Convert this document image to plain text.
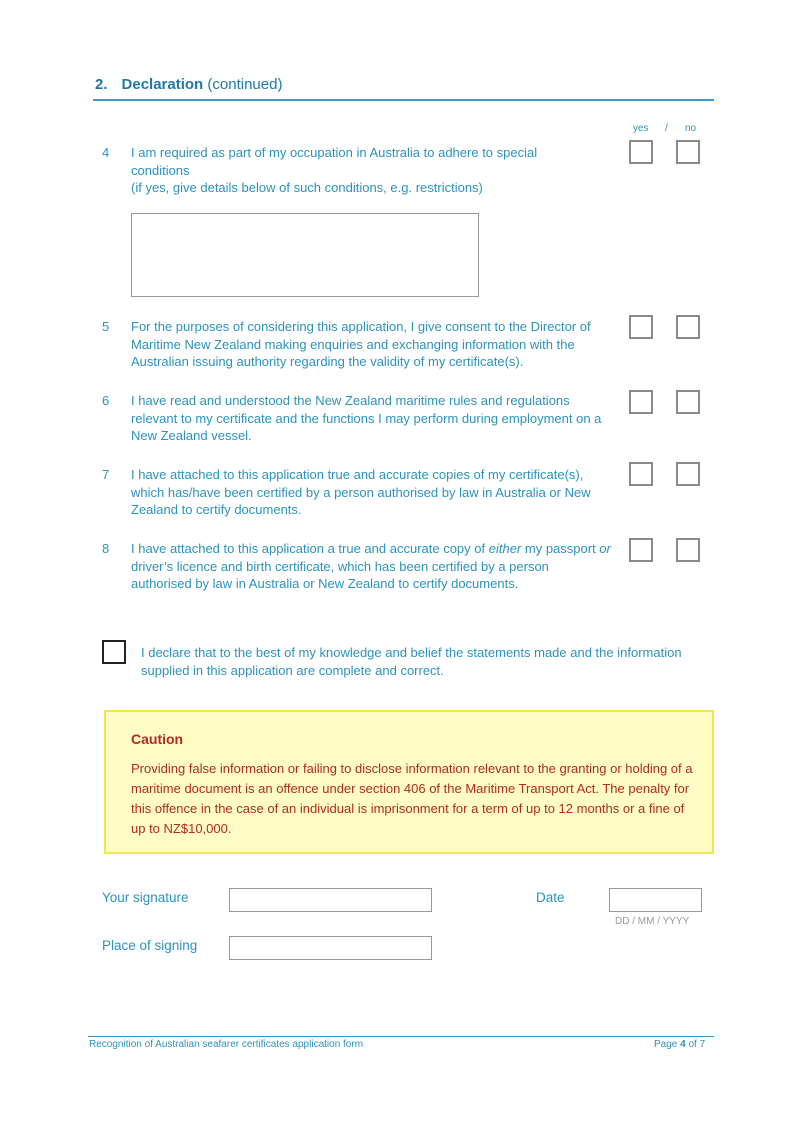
2. Declaration (continued)
yes / no
4 I am required as part of my occupation in Australia to adhere to special conditions
(if yes, give details below of such conditions, e.g. restrictions)
5 For the purposes of considering this application, I give consent to the Director of Maritime New Zealand making enquiries and exchanging information with the Australian issuing authority regarding the validity of my certificate(s).
6 I have read and understood the New Zealand maritime rules and regulations relevant to my certificate and the functions I may perform during employment on a New Zealand vessel.
7 I have attached to this application true and accurate copies of my certificate(s), which has/have been certified by a person authorised by law in Australia or New Zealand to certify documents.
8 I have attached to this application a true and accurate copy of either my passport or driver’s licence and birth certificate, which has been certified by a person authorised by law in Australia or New Zealand to certify documents.
I declare that to the best of my knowledge and belief the statements made and the information supplied in this application are complete and correct.
Caution
Providing false information or failing to disclose information relevant to the granting or holding of a maritime document is an offence under section 406 of the Maritime Transport Act. The penalty for this offence in the case of an individual is imprisonment for a term of up to 12 months or a fine of up to NZ$10,000.
Your signature	Date
DD / MM / YYYY
Place of signing
Recognition of Australian seafarer certificates application form	Page 4 of 7
